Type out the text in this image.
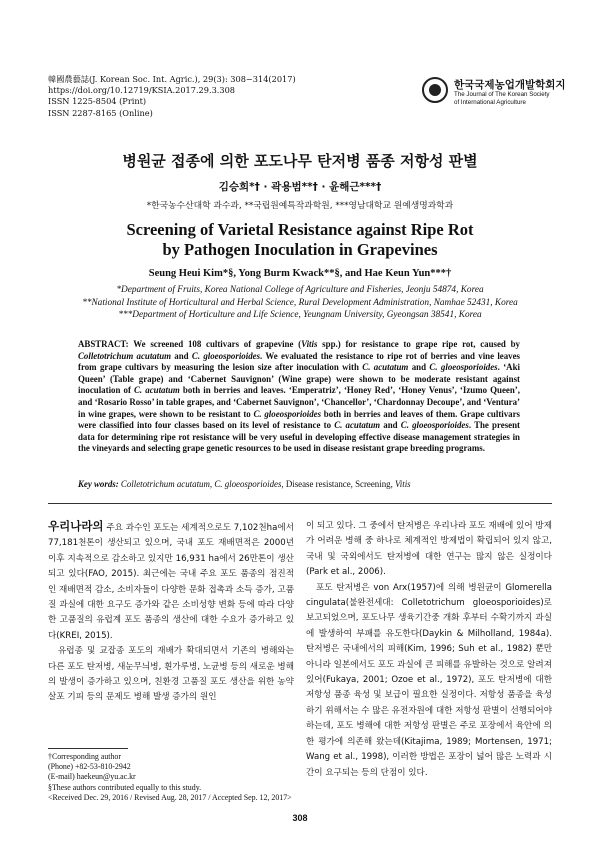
韓國農藝誌(J. Korean Soc. Int. Agric.), 29(3): 308−314(2017)
https://doi.org/10.12719/KSIA.2017.29.3.308
ISSN 1225-8504 (Print)
ISSN 2287-8165 (Online)
한국국제농업개발학회지
The Journal of The Korean Society
of International Agriculture
병원균 접종에 의한 포도나무 탄저병 품종 저항성 판별
김승희*† · 곽용범**† · 윤해근***†
*한국농수산대학 과수과, **국립원예특작과학원, ***영남대학교 원예생명과학과
Screening of Varietal Resistance against Ripe Rot
by Pathogen Inoculation in Grapevines
Seung Heui Kim*§, Yong Burm Kwack**§, and Hae Keun Yun***†
*Department of Fruits, Korea National College of Agriculture and Fisheries, Jeonju 54874, Korea
**National Institute of Horticultural and Herbal Science, Rural Development Administration, Namhae 52431, Korea
***Department of Horticulture and Life Science, Yeungnam University, Gyeongsan 38541, Korea
ABSTRACT: We screened 108 cultivars of grapevine (Vitis spp.) for resistance to grape ripe rot, caused by Colletotrichum acutatum and C. gloeosporioides. We evaluated the resistance to ripe rot of berries and vine leaves from grape cultivars by measuring the lesion size after inoculation with C. acutatum and C. gloeosporioides. ‘Aki Queen’ (Table grape) and ‘Cabernet Sauvignon’ (Wine grape) were shown to be moderate resistant against inoculation of C. acutatum both in berries and leaves. ‘Emperatriz’, ‘Honey Red’, ‘Honey Venus’, ‘Izumo Queen’, and ‘Rosario Rosso’ in table grapes, and ‘Cabernet Sauvignon’, ‘Chancellor’, ‘Chardonnay Decoupe’, and ‘Ventura’ in wine grapes, were shown to be resistant to C. gloeosporioides both in berries and leaves of them. Grape cultivars were classified into four classes based on its level of resistance to C. acutatum and C. gloeosporioides. The present data for determining ripe rot resistance will be very useful in developing effective disease management strategies in the vineyards and selecting grape genetic resources to be used in disease resistant grape breeding programs.
Key words: Colletotrichum acutatum, C. gloeosporioides, Disease resistance, Screening, Vitis

우리나라의 주요 과수인 포도는 세계적으로도 7,102천ha에서 77,181천톤이 생산되고 있으며, 국내 포도 재배면적은 2000년 이후 지속적으로 감소하고 있지만 16,931 ha에서 26만톤이 생산되고 있다(FAO, 2015). 최근에는 국내 주요 포도 품종의 점진적인 재배면적 감소, 소비자들이 다양한 문화 접촉과 소득 증가, 고품질 과실에 대한 요구도 증가와 같은 소비성향 변화 등에 따라 다양한 고품질의 유럽계 포도 품종의 생산에 대한 수요가 증가하고 있다(KREI, 2015).

유럽종 및 교잡종 포도의 재배가 확대되면서 기존의 병해와는 다른 포도 탄저병, 새눈무늬병, 흰가루병, 노균병 등의 새로운 병해의 발생이 증가하고 있으며, 친환경 고품질 포도 생산을 위한 농약 살포 기피 등의 문제도 병해 발생 증가의 원인

이 되고 있다. 그 중에서 탄저병은 우리나라 포도 재배에 있어 방제가 어려운 병해 중 하나로 체계적인 방제법이 확립되어 있지 않고, 국내 및 국외에서도 탄저병에 대한 연구는 많지 않은 실정이다(Park et al., 2006).

포도 탄저병은 von Arx(1957)에 의해 병원균이 Glomerella cingulata(불완전세대: Colletotrichum gloeosporioides)로 보고되었으며, 포도나무 생육기간중 개화 후부터 수확기까지 과실에 발생하여 부패를 유도한다(Daykin & Milholland, 1984a). 탄저병은 국내에서의 피해(Kim, 1996; Suh et al., 1982) 뿐만 아니라 일본에서도 포도 과실에 큰 피해를 유발하는 것으로 알려져 있어(Fukaya, 2001; Ozoe et al., 1972), 포도 탄저병에 대한 저항성 품종 육성 및 보급이 필요한 실정이다. 저항성 품종을 육성하기 위해서는 수 많은 유전자원에 대한 저항성 판별이 선행되어야 하는데, 포도 병해에 대한 저항성 판별은 주로 포장에서 육안에 의한 평가에 의존해 왔는데(Kitajima, 1989; Mortensen, 1971; Wang et al., 1998), 이러한 방법은 포장이 넓어 많은 노력과 시간이 요구되는 등의 단점이 있다.

†Corresponding author
(Phone) +82-53-810-2942
(E-mail) haekeun@yu.ac.kr
§These authors contributed equally to this study.
<Received Dec. 29, 2016 / Revised Aug. 28, 2017 / Accepted Sep. 12, 2017>
308
